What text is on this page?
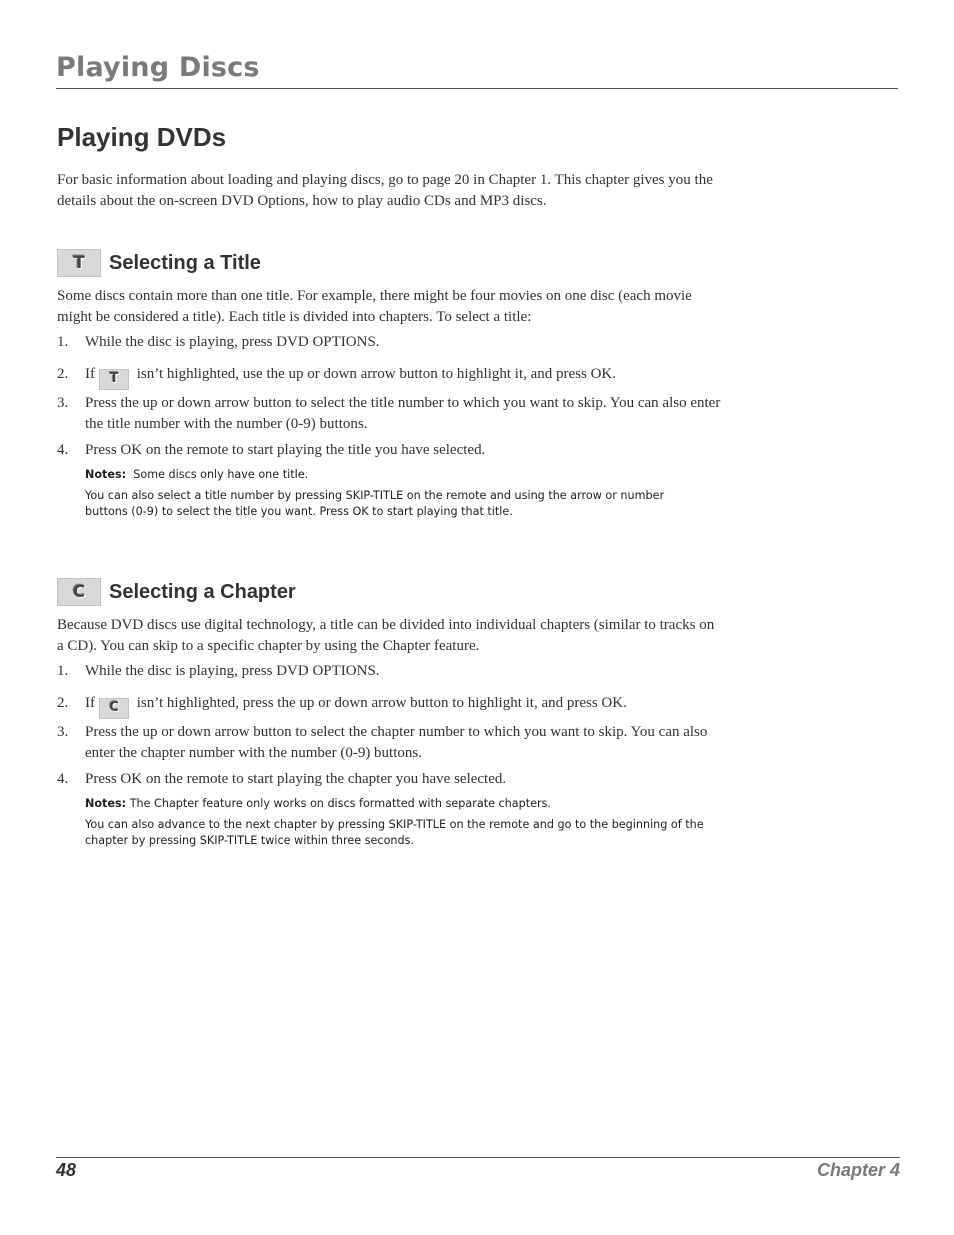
Playing Discs
Playing DVDs
For basic information about loading and playing discs, go to page 20 in Chapter 1. This chapter gives you the details about the on-screen DVD Options, how to play audio CDs and MP3 discs.
T Selecting a Title
Some discs contain more than one title. For example, there might be four movies on one disc (each movie might be considered a title). Each title is divided into chapters. To select a title:
1.	While the disc is playing, press DVD OPTIONS.
2.	If T isn’t highlighted, use the up or down arrow button to highlight it, and press OK.
3.	Press the up or down arrow button to select the title number to which you want to skip. You can also enter the title number with the number (0-9) buttons.
4.	Press OK on the remote to start playing the title you have selected.
Notes: Some discs only have one title.
You can also select a title number by pressing SKIP-TITLE on the remote and using the arrow or number buttons (0-9) to select the title you want. Press OK to start playing that title.
C Selecting a Chapter
Because DVD discs use digital technology, a title can be divided into individual chapters (similar to tracks on a CD). You can skip to a specific chapter by using the Chapter feature.
1.	While the disc is playing, press DVD OPTIONS.
2.	If C isn’t highlighted, press the up or down arrow button to highlight it, and press OK.
3.	Press the up or down arrow button to select the chapter number to which you want to skip. You can also enter the chapter number with the number (0-9) buttons.
4.	Press OK on the remote to start playing the chapter you have selected.
Notes: The Chapter feature only works on discs formatted with separate chapters.
You can also advance to the next chapter by pressing SKIP-TITLE on the remote and go to the beginning of the chapter by pressing SKIP-TITLE twice within three seconds.
48	Chapter 4
